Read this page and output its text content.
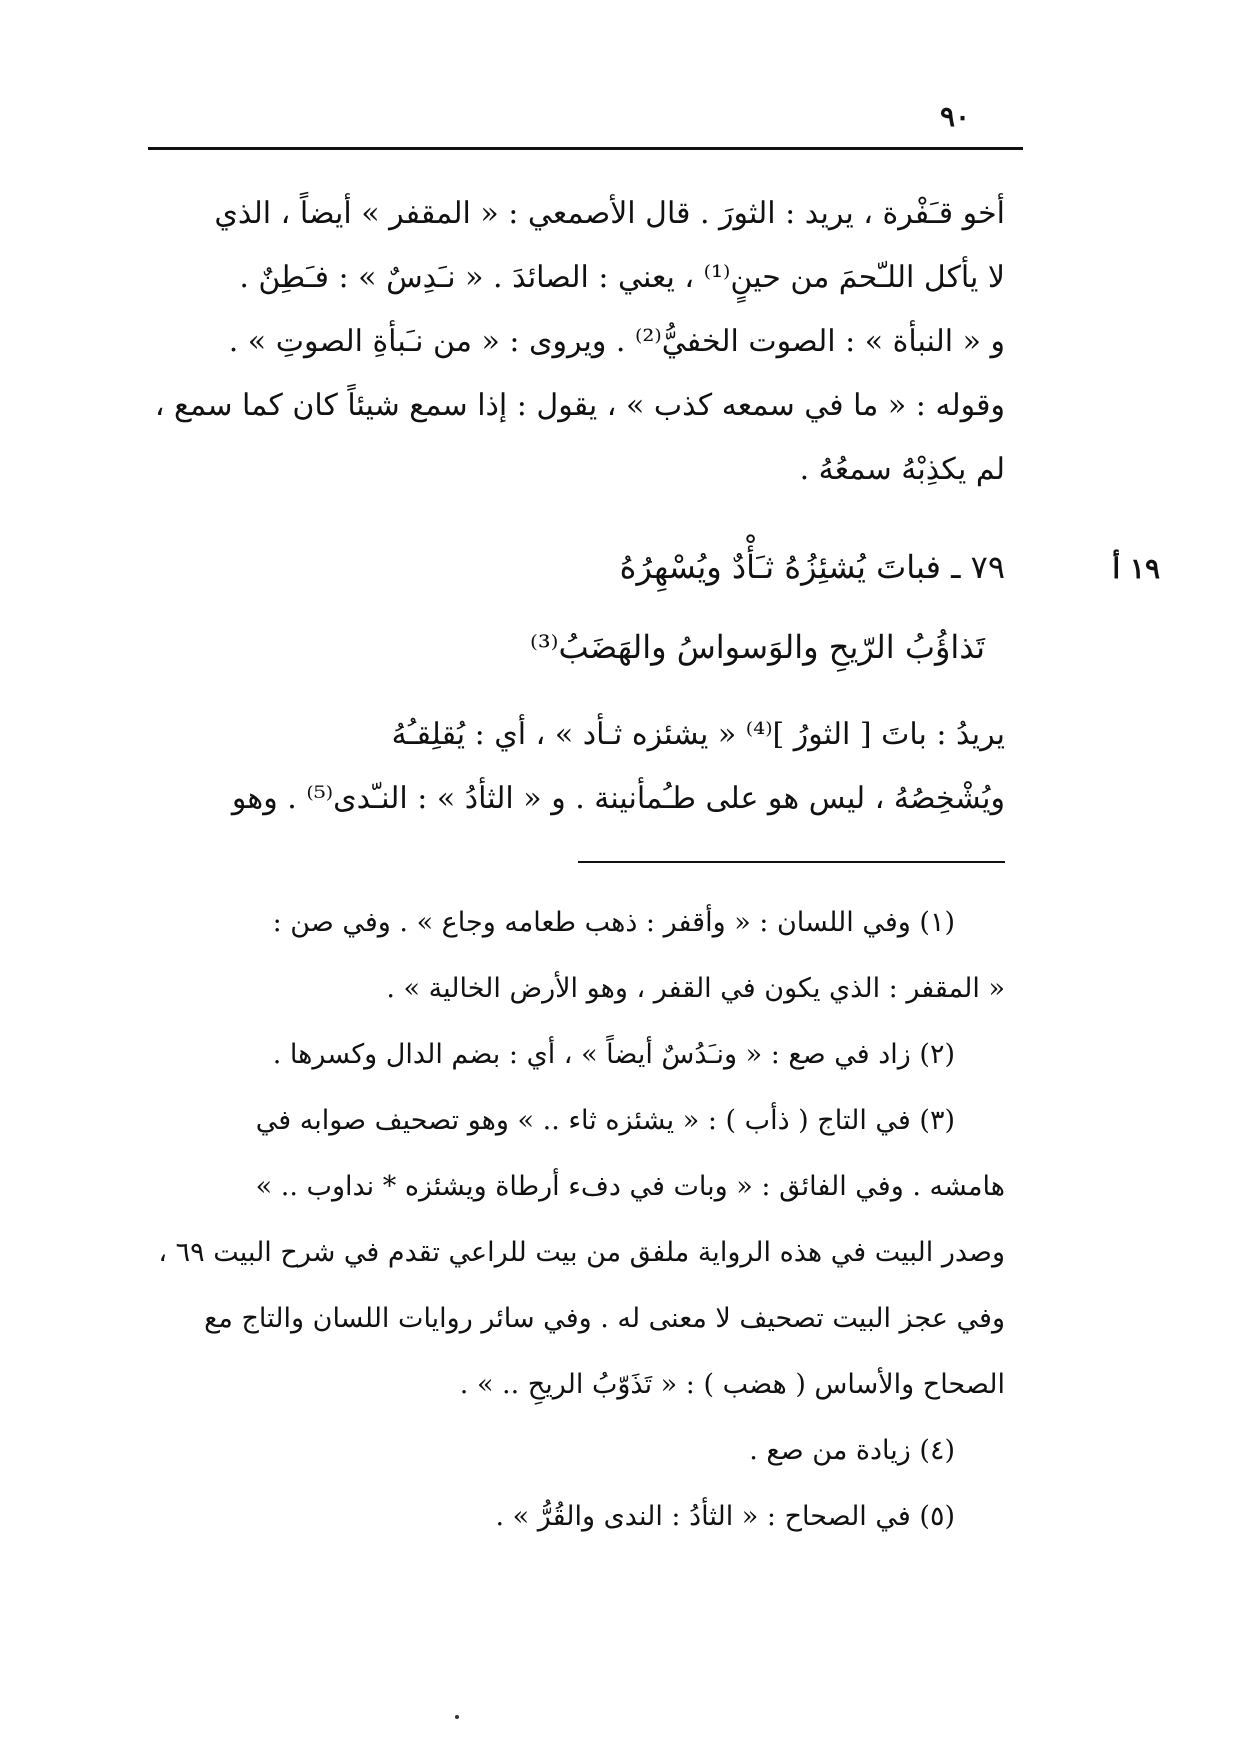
٩٠
أخو قـَفْرة ، يريد : الثورَ . قال الأصمعي : « المقفر » أيضاً ، الذي
لا يأكل اللـّحمَ من حينٍ⁽¹⁾ ، يعني : الصائدَ . « نـَدِسٌ » : فـَطِنٌ .
و « النبأة » : الصوت الخفيُّ⁽²⁾ . ويروى : « من نـَبأةِ الصوتِ » .
وقوله : « ما في سمعه كذب » ، يقول : إذا سمع شيئاً كان كما سمع ،
لم يكذِبْهُ سمعُهُ .
١٩ أ
٧٩ ـ فباتَ يُشئِزُهُ ثـَأْدٌ ويُسْهِرُهُ
تَذاؤُبُ الرّيحِ والوَسواسُ والهَضَبُ⁽³⁾
يريدُ : باتَ [ الثورُ ]⁽⁴⁾ « يشئزه ثـأد » ، أي : يُقلِقـُهُ
ويُشْخِصُهُ ، ليس هو على طـُمأنينة . و « الثأدُ » : النـّدى⁽⁵⁾ . وهو
(١) وفي اللسان : « وأقفر : ذهب طعامه وجاع » . وفي صن :
« المقفر : الذي يكون في القفر ، وهو الأرض الخالية » .
(٢) زاد في صع : « ونـَدُسٌ أيضاً » ، أي : بضم الدال وكسرها .
(٣) في التاج ( ذأب ) : « يشئزه ثاء .. » وهو تصحيف صوابه في
هامشه . وفي الفائق : « وبات في دفء أرطاة ويشئزه * نداوب .. »
وصدر البيت في هذه الرواية ملفق من بيت للراعي تقدم في شرح البيت ٦٩ ،
وفي عجز البيت تصحيف لا معنى له . وفي سائر روايات اللسان والتاج مع
الصحاح والأساس ( هضب ) : « تَذَوّبُ الريحِ .. » .
(٤) زيادة من صع .
(٥) في الصحاح : « الثأدُ : الندى والقُرُّ » .
